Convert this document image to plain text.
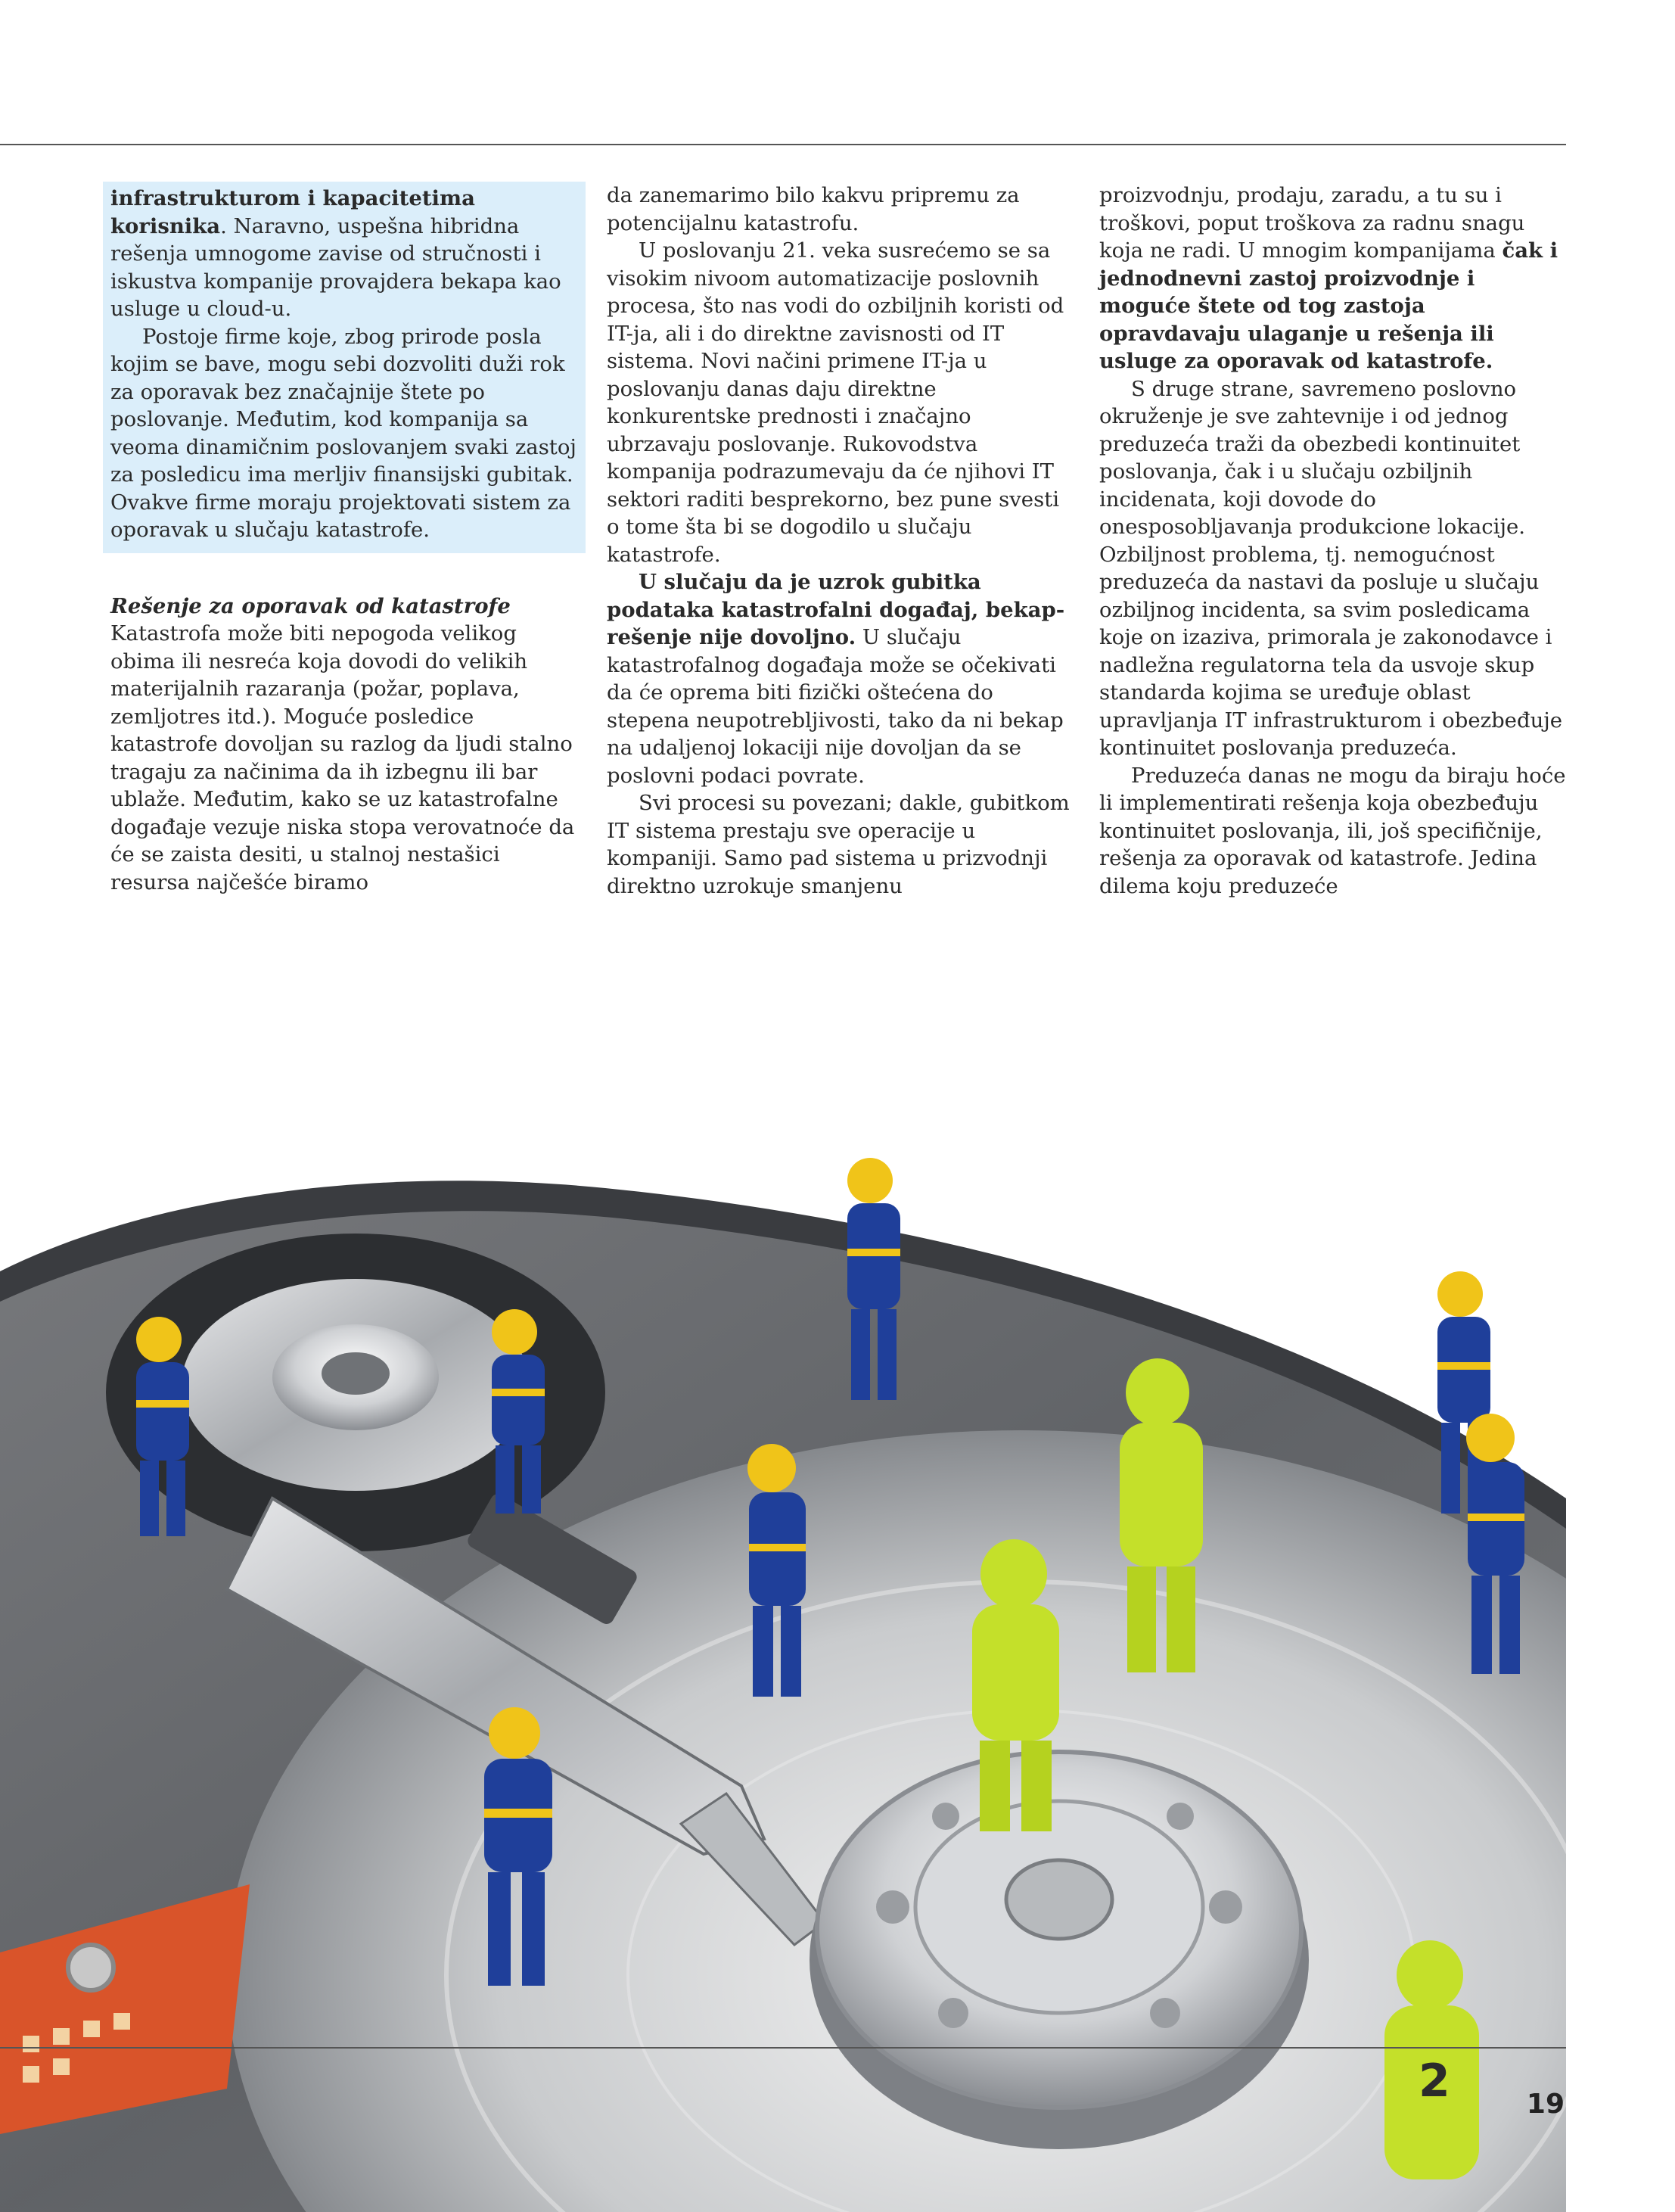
infrastrukturom i kapacitetima korisnika. Naravno, uspešna hibridna rešenja umnogome zavise od stručnosti i iskustva kompanije provajdera bekapa kao usluge u cloud-u.

Postoje firme koje, zbog prirode posla kojim se bave, mogu sebi dozvoliti duži rok za oporavak bez značajnije štete po poslovanje. Međutim, kod kompanija sa veoma dinamičnim poslovanjem svaki zastoj za posledicu ima merljiv finansijski gubitak. Ovakve firme moraju projektovati sistem za oporavak u slučaju katastrofe.

Rešenje za oporavak od katastrofe

Katastrofa može biti nepogoda velikog obima ili nesreća koja dovodi do velikih materijalnih razaranja (požar, poplava, zemljotres itd.). Moguće posledice katastrofe dovoljan su razlog da ljudi stalno tragaju za načinima da ih izbegnu ili bar ublaže. Međutim, kako se uz katastrofalne događaje vezuje niska stopa verovatnoće da će se zaista desiti, u stalnoj nestašici resursa najčešće biramo

da zanemarimo bilo kakvu pripremu za potencijalnu katastrofu.

U poslovanju 21. veka susrećemo se sa visokim nivoom automatizacije poslovnih procesa, što nas vodi do ozbiljnih koristi od IT-ja, ali i do direktne zavisnosti od IT sistema. Novi načini primene IT-ja u poslovanju danas daju direktne konkurentske prednosti i značajno ubrzavaju poslovanje. Rukovodstva kompanija podrazumevaju da će njihovi IT sektori raditi besprekorno, bez pune svesti o tome šta bi se dogodilo u slučaju katastrofe.

U slučaju da je uzrok gubitka podataka katastrofalni događaj, bekap-rešenje nije dovoljno. U slučaju katastrofalnog događaja može se očekivati da će oprema biti fizički oštećena do stepena neupotrebljivosti, tako da ni bekap na udaljenoj lokaciji nije dovoljan da se poslovni podaci povrate.

Svi procesi su povezani; dakle, gubitkom IT sistema prestaju sve operacije u kompaniji. Samo pad sistema u prizvodnji direktno uzrokuje smanjenu

proizvodnju, prodaju, zaradu, a tu su i troškovi, poput troškova za radnu snagu koja ne radi. U mnogim kompanijama čak i jednodnevni zastoj proizvodnje i moguće štete od tog zastoja opravdavaju ulaganje u rešenja ili usluge za oporavak od katastrofe.

S druge strane, savremeno poslovno okruženje je sve zahtevnije i od jednog preduzeća traži da obezbedi kontinuitet poslovanja, čak i u slučaju ozbiljnih incidenata, koji dovode do onesposobljavanja produkcione lokacije. Ozbiljnost problema, tj. nemogućnost preduzeća da nastavi da posluje u slučaju ozbiljnog incidenta, sa svim posledicama koje on izaziva, primorala je zakonodavce i nadležna regulatorna tela da usvoje skup standarda kojima se uređuje oblast upravljanja IT infrastrukturom i obezbeđuje kontinuitet poslovanja preduzeća.

Preduzeća danas ne mogu da biraju hoće li implementirati rešenja koja obezbeđuju kontinuitet poslovanja, ili, još specifičnije, rešenja za oporavak od katastrofe. Jedina dilema koju preduzeće

2	19
